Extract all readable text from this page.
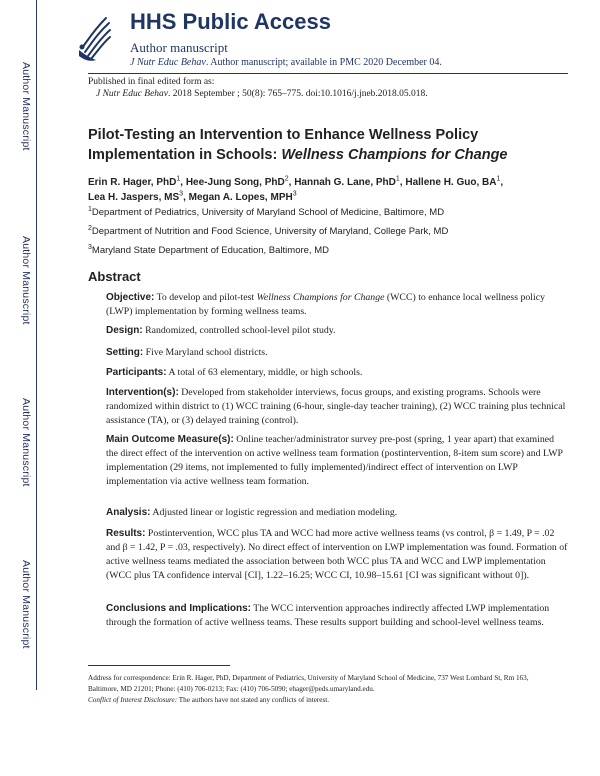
Author Manuscript
Author Manuscript
Author Manuscript
Author Manuscript
HHS Public Access
Author manuscript
J Nutr Educ Behav. Author manuscript; available in PMC 2020 December 04.
Published in final edited form as:
J Nutr Educ Behav. 2018 September ; 50(8): 765–775. doi:10.1016/j.jneb.2018.05.018.
Pilot-Testing an Intervention to Enhance Wellness Policy Implementation in Schools: Wellness Champions for Change
Erin R. Hager, PhD$^1$, Hee-Jung Song, PhD$^2$, Hannah G. Lane, PhD$^1$, Hallene H. Guo, $BA^1$,
Lea H. Jaspers, $MS^3$, Megan A. Lopes, MPH$^3$
$^1$Department of Pediatrics, University of Maryland School of Medicine, Baltimore, MD
$^2$Department of Nutrition and Food Science, University of Maryland, College Park, MD
$^3$Maryland State Department of Education, Baltimore, MD
Abstract
Objective: To develop and pilot-test Wellness Champions for Change (WCC) to enhance local wellness policy (LWP) implementation by forming wellness teams.
Design: Randomized, controlled school-level pilot study.
Setting: Five Maryland school districts.
Participants: A total of 63 elementary, middle, or high schools.
Intervention(s): Developed from stakeholder interviews, focus groups, and existing programs. Schools were randomized within district to (1) WCC training (6-hour, single-day teacher training), (2) WCC training plus technical assistance (TA), or (3) delayed training (control).
Main Outcome Measure(s): Online teacher/administrator survey pre-post (spring, 1 year apart) that examined the direct effect of the intervention on active wellness team formation (postintervention, 8-item sum score) and LWP implementation (29 items, not implemented to fully implemented)/indirect effect of intervention on LWP implementation via active wellness team formation.
Analysis: Adjusted linear or logistic regression and mediation modeling.
Results: Postintervention, WCC plus TA and WCC had more active wellness teams (vs control, β = 1.49, P = .02 and β = 1.42, P = .03, respectively). No direct effect of intervention on LWP implementation was found. Formation of active wellness teams mediated the association between both WCC plus TA and WCC and LWP implementation (WCC plus TA confidence interval [CI], 1.22–16.25; WCC CI, 10.98–15.61 [CI was significant without 0]).
Conclusions and Implications: The WCC intervention approaches indirectly affected LWP implementation through the formation of active wellness teams. These results support building and school-level wellness teams.
Address for correspondence: Erin R. Hager, PhD, Department of Pediatrics, University of Maryland School of Medicine, 737 West Lombard St, Rm 163, Baltimore, MD 21201; Phone: (410) 706-0213; Fax: (410) 706-5090; ehager@peds.umaryland.edu.
Conflict of Interest Disclosure: The authors have not stated any conflicts of interest.
